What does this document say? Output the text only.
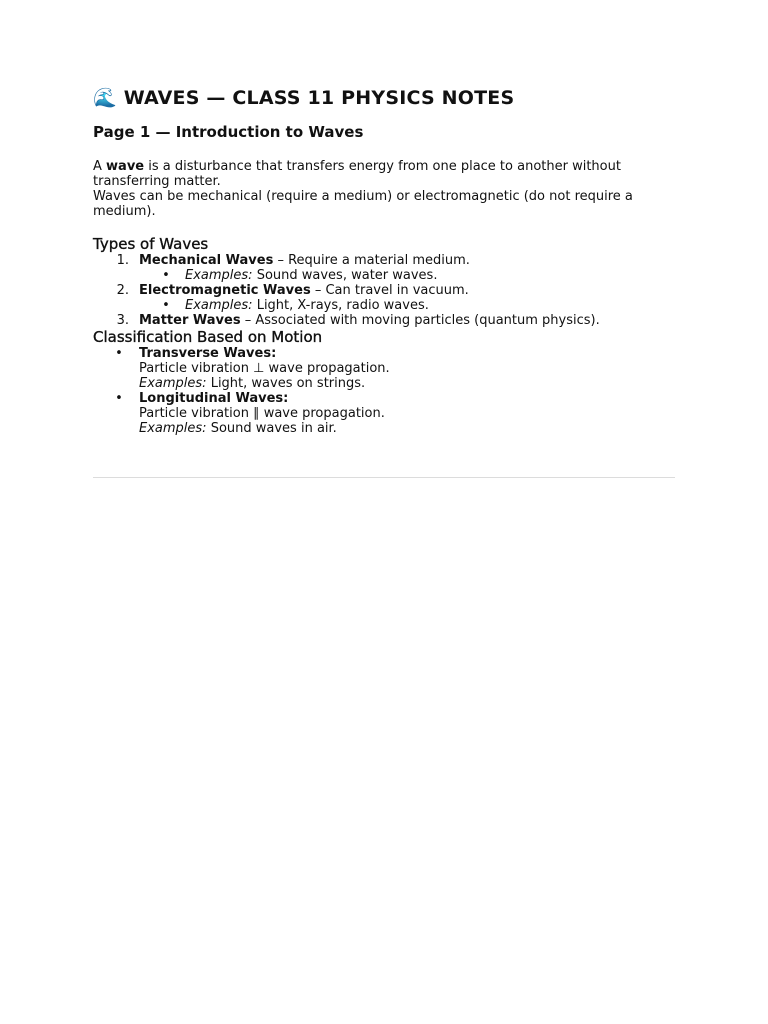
🌊 WAVES — CLASS 11 PHYSICS NOTES
Page 1 — Introduction to Waves

A wave is a disturbance that transfers energy from one place to another without transferring matter.

Waves can be mechanical (require a medium) or electromagnetic (do not require a medium).

Types of Waves
1. Mechanical Waves – Require a material medium.
• Examples: Sound waves, water waves.
2. Electromagnetic Waves – Can travel in vacuum.
• Examples: Light, X-rays, radio waves.
3. Matter Waves – Associated with moving particles (quantum physics).
Classification Based on Motion
• Transverse Waves:
Particle vibration ⊥ wave propagation.
Examples: Light, waves on strings.
• Longitudinal Waves:
Particle vibration ∥ wave propagation.
Examples: Sound waves in air.
